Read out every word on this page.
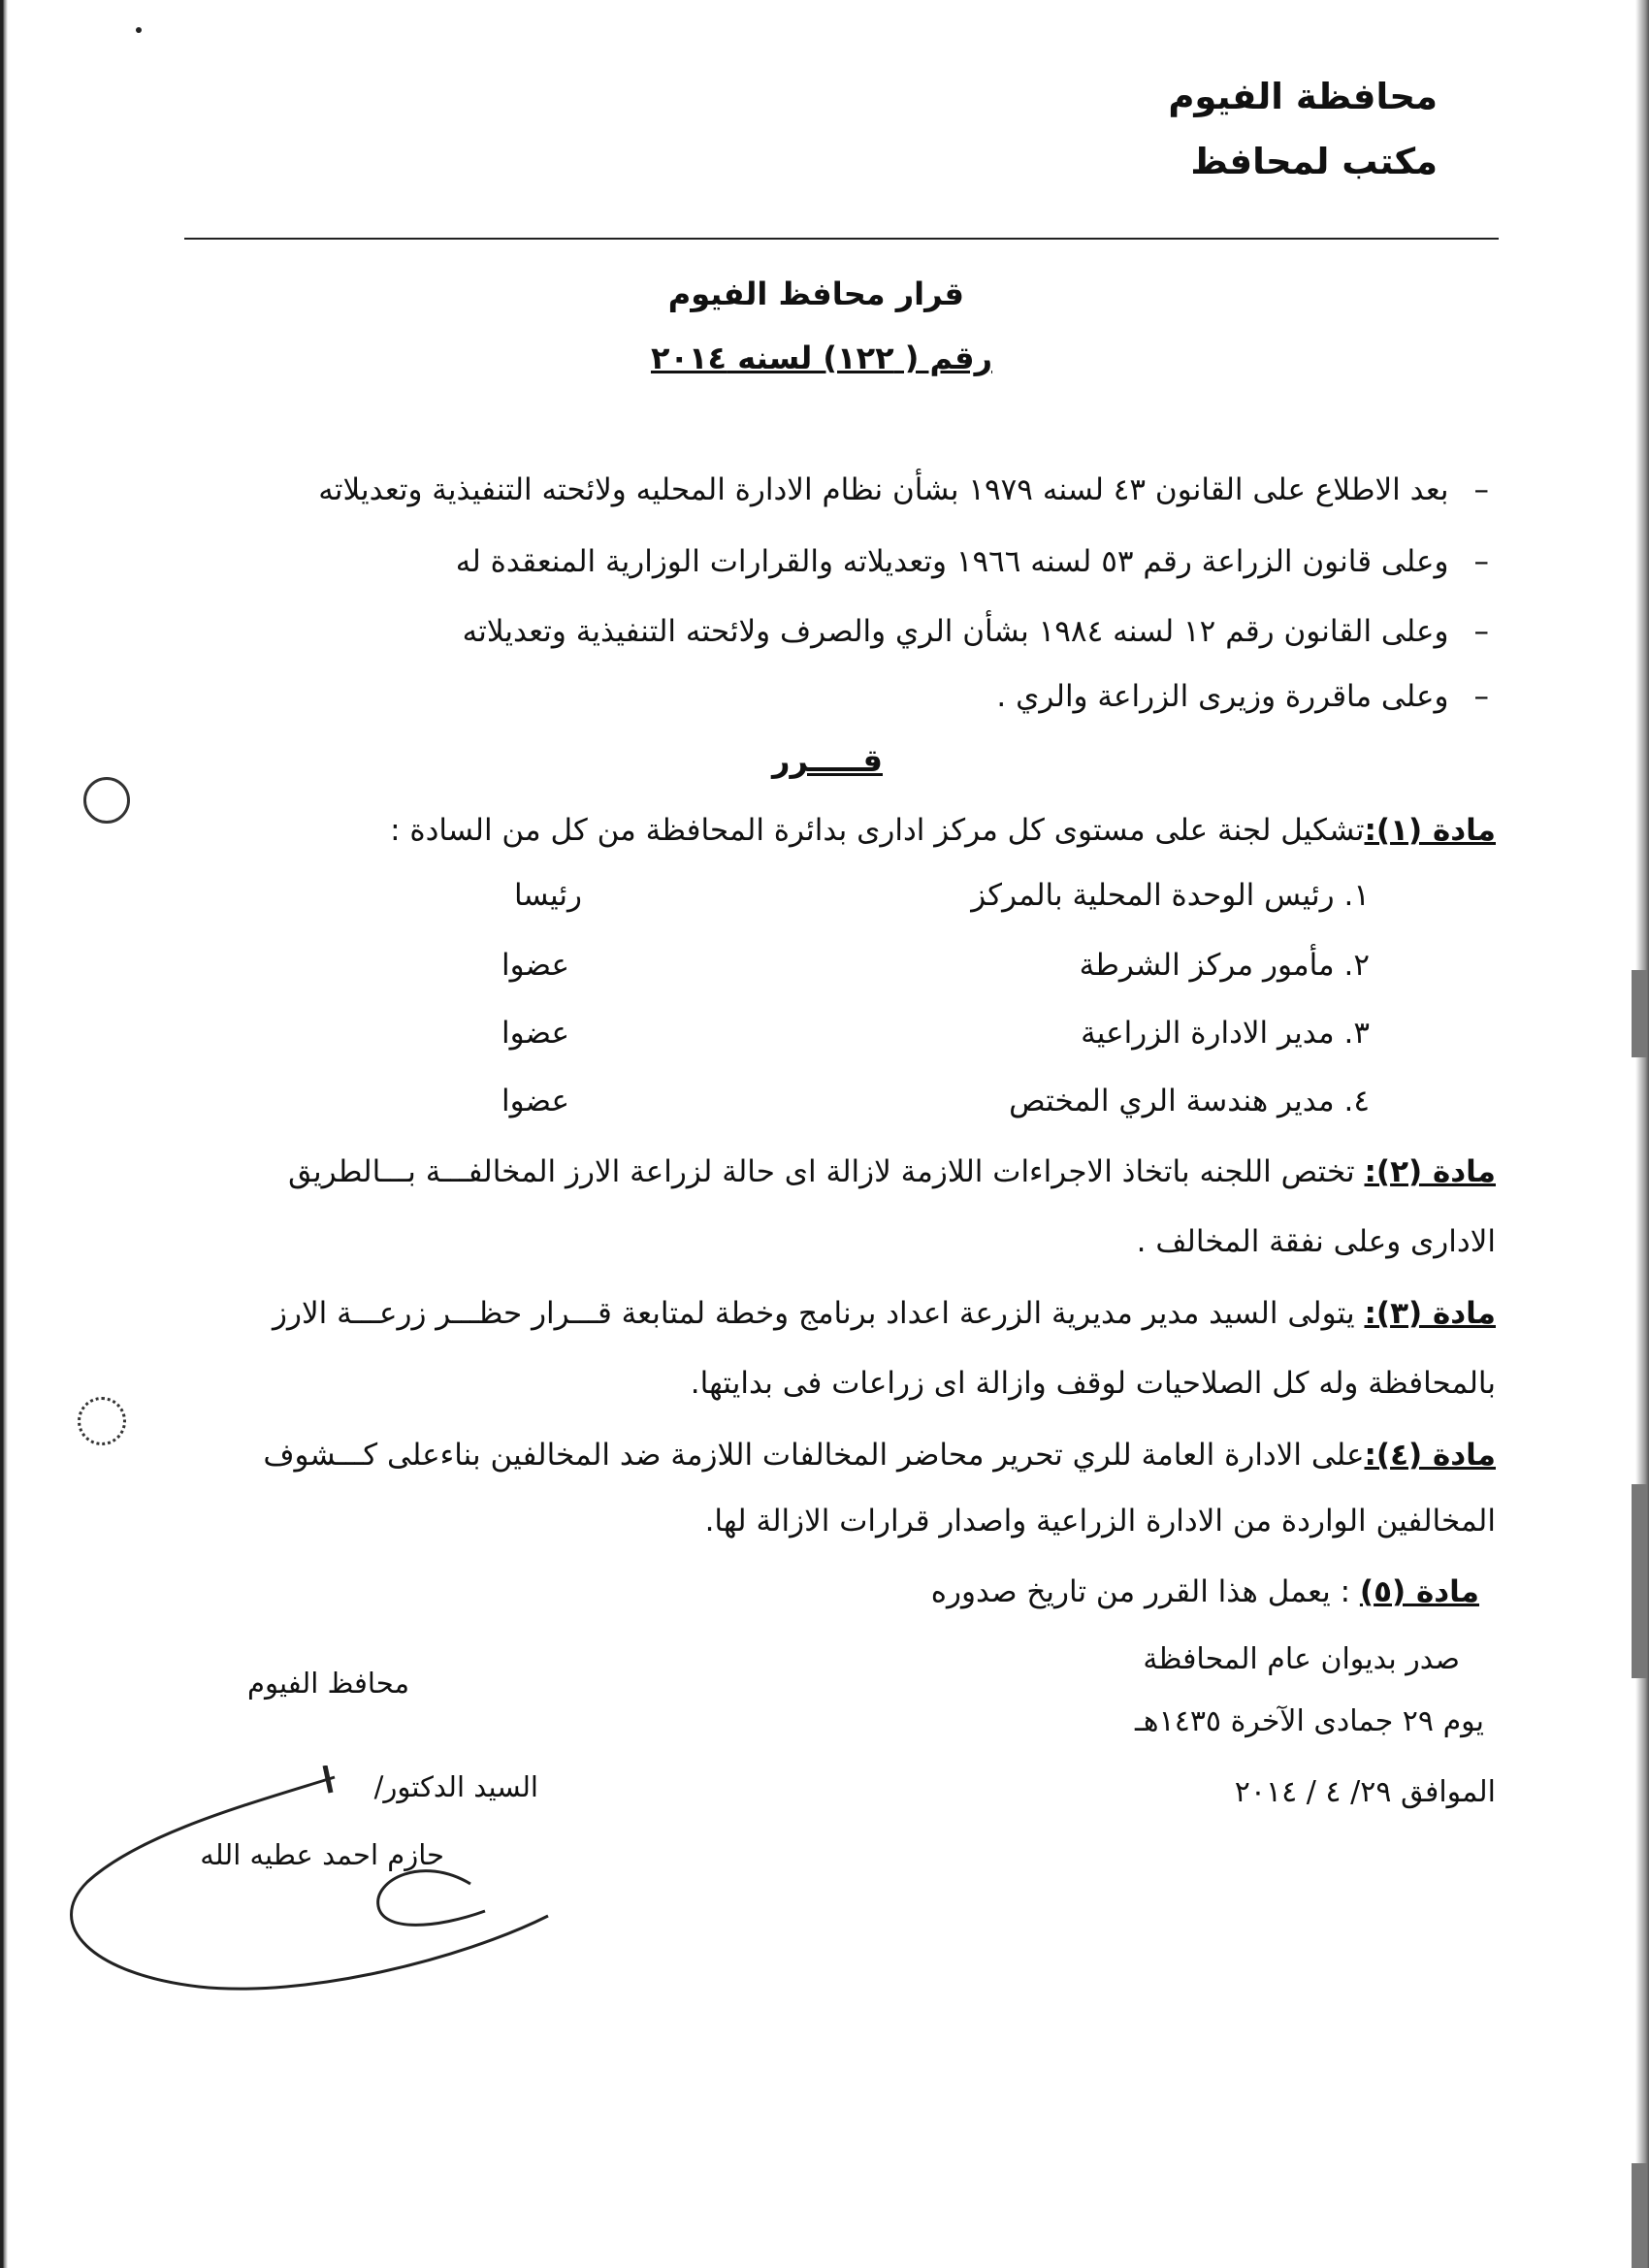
محافظة الفيوم
مكتب لمحافظ
قرار محافظ الفيوم
رقم ( ١٢٢) لسنه ٢٠١٤
–بعد الاطلاع على القانون ٤٣ لسنه ١٩٧٩ بشأن نظام الادارة المحليه ولائحته التنفيذية وتعديلاته
–وعلى قانون الزراعة رقم ٥٣ لسنه ١٩٦٦ وتعديلاته والقرارات الوزارية المنعقدة له
–وعلى القانون رقم ١٢ لسنه ١٩٨٤ بشأن الري والصرف ولائحته التنفيذية وتعديلاته
–وعلى ماقررة وزيرى الزراعة والري .
قـــــرر
مادة (١):تشكيل لجنة على مستوى كل مركز ادارى بدائرة المحافظة من كل من السادة :
١. رئيس الوحدة المحلية بالمركز
رئيسا
٢. مأمور مركز الشرطة
عضوا
٣. مدير الادارة الزراعية
عضوا
٤. مدير هندسة الري المختص
عضوا
مادة (٢): تختص اللجنه باتخاذ الاجراءات اللازمة لازالة اى حالة لزراعة الارز المخالفـــة بـــالطريق
الادارى وعلى نفقة المخالف .
مادة (٣): يتولى السيد مدير مديرية الزرعة اعداد برنامج وخطة لمتابعة قـــرار حظـــر زرعـــة الارز
بالمحافظة وله كل الصلاحيات لوقف وازالة اى زراعات فى بدايتها.
مادة (٤):على الادارة العامة للري تحرير محاضر المخالفات اللازمة ضد المخالفين بناءعلى كـــشوف
المخالفين الواردة من الادارة الزراعية واصدار قرارات الازالة لها.
مادة (٥) : يعمل هذا القرر من تاريخ صدوره
صدر بديوان عام المحافظة
يوم ٢٩ جمادى الآخرة ١٤٣٥هـ
الموافق ٢٩/ ٤ / ٢٠١٤
محافظ الفيوم
السيد الدكتور/
حازم احمد عطيه الله
